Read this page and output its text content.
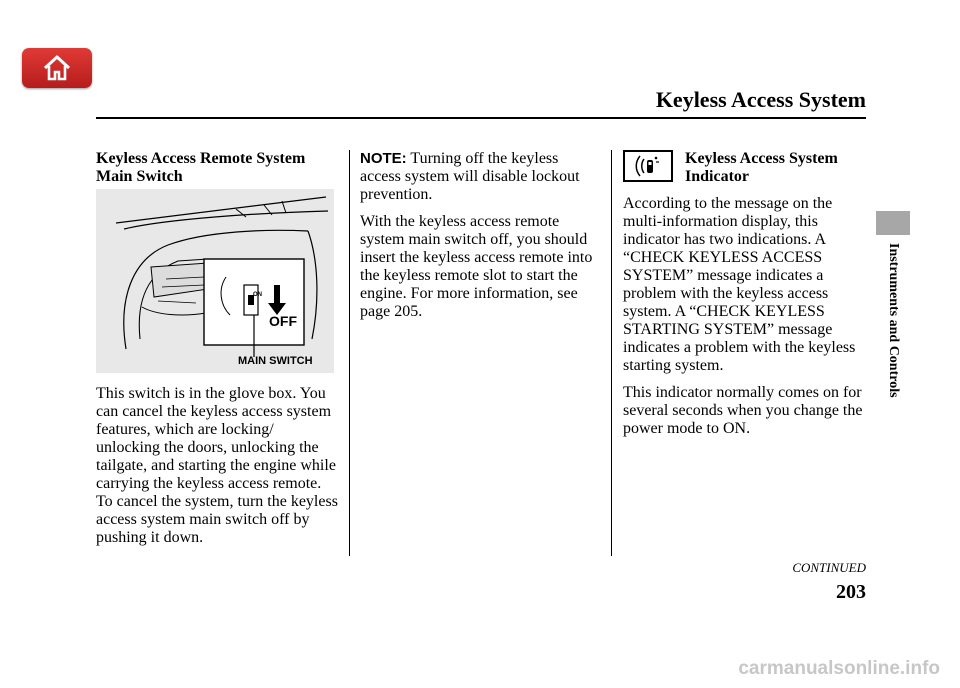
Keyless Access System
Instruments and Controls
Keyless Access Remote System
Main Switch
ON
OFF
MAIN SWITCH

This switch is in the glove box. You can cancel the keyless access system features, which are locking/ unlocking the doors, unlocking the tailgate, and starting the engine while carrying the keyless access remote. To cancel the system, turn the keyless access system main switch off by pushing it down.

NOTE: Turning off the keyless access system will disable lockout prevention.

With the keyless access remote system main switch off, you should insert the keyless access remote into the keyless remote slot to start the engine. For more information, see page 205.

Keyless Access System
Indicator

According to the message on the multi-information display, this indicator has two indications. A “CHECK KEYLESS ACCESS SYSTEM” message indicates a problem with the keyless access system. A “CHECK KEYLESS STARTING SYSTEM” message indicates a problem with the keyless starting system.

This indicator normally comes on for several seconds when you change the power mode to ON.

CONTINUED
203
carmanualsonline.info
